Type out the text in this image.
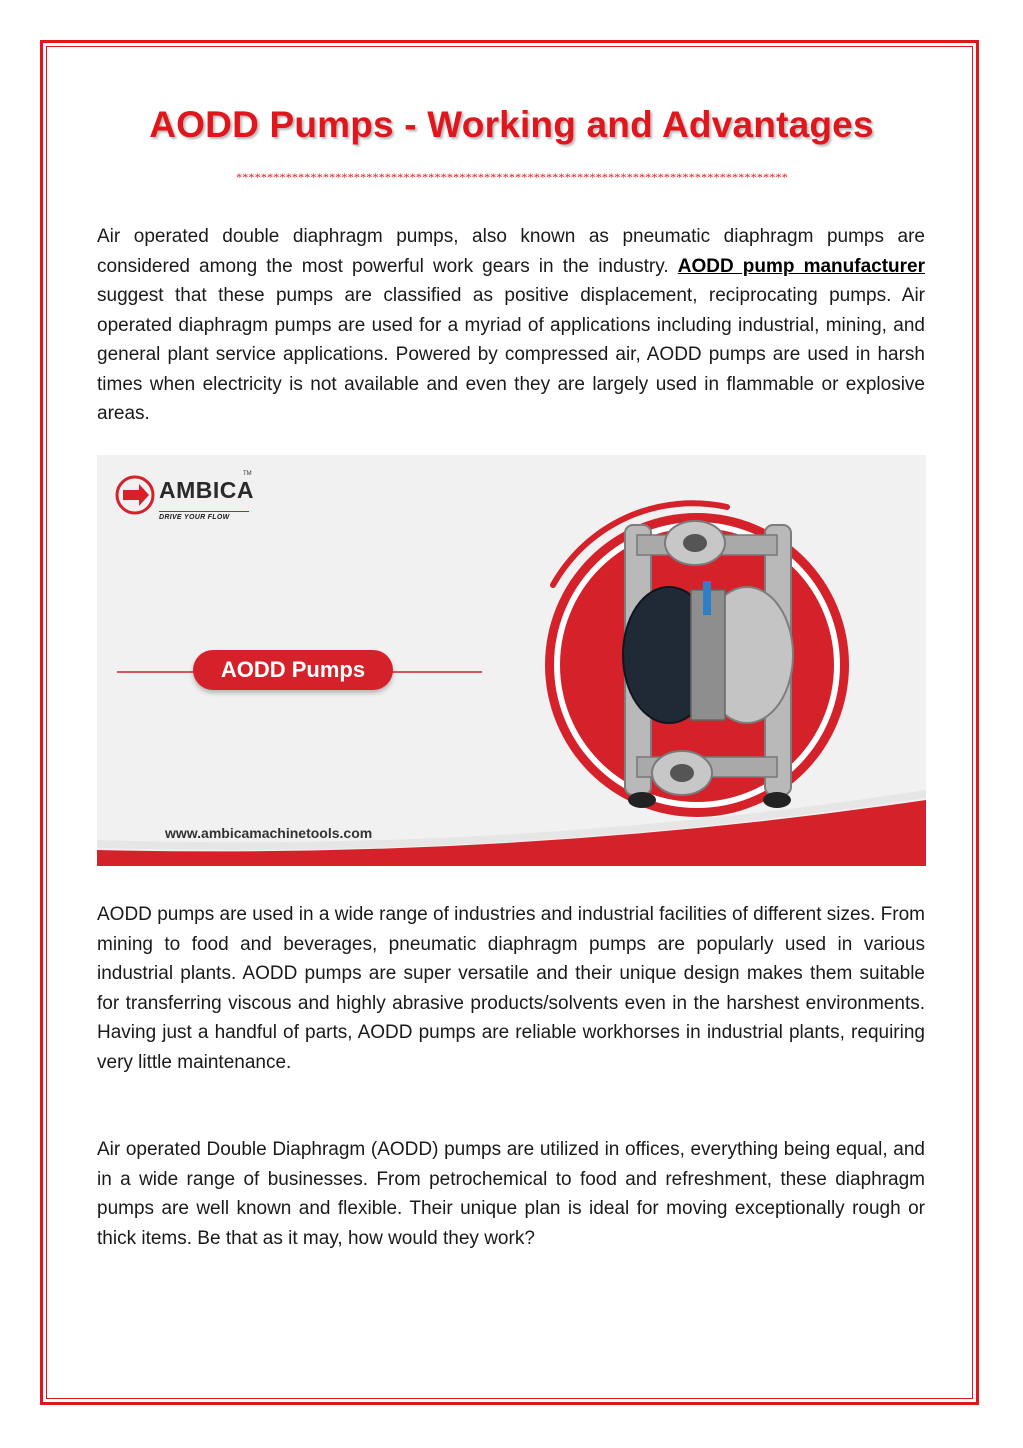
AODD Pumps - Working and Advantages
*****************************************************************************************

Air operated double diaphragm pumps, also known as pneumatic diaphragm pumps are considered among the most powerful work gears in the industry. AODD pump manufacturer suggest that these pumps are classified as positive displacement, reciprocating pumps. Air operated diaphragm pumps are used for a myriad of applications including industrial, mining, and general plant service applications. Powered by compressed air, AODD pumps are used in harsh times when electricity is not available and even they are largely used in flammable or explosive areas.

AMBICA
TM
DRIVE YOUR FLOW
AODD Pumps
www.ambicamachinetools.com

AODD pumps are used in a wide range of industries and industrial facilities of different sizes. From mining to food and beverages, pneumatic diaphragm pumps are popularly used in various industrial plants. AODD pumps are super versatile and their unique design makes them suitable for transferring viscous and highly abrasive products/solvents even in the harshest environments. Having just a handful of parts, AODD pumps are reliable workhorses in industrial plants, requiring very little maintenance.

Air operated Double Diaphragm (AODD) pumps are utilized in offices, everything being equal, and in a wide range of businesses. From petrochemical to food and refreshment, these diaphragm pumps are well known and flexible. Their unique plan is ideal for moving exceptionally rough or thick items. Be that as it may, how would they work?
